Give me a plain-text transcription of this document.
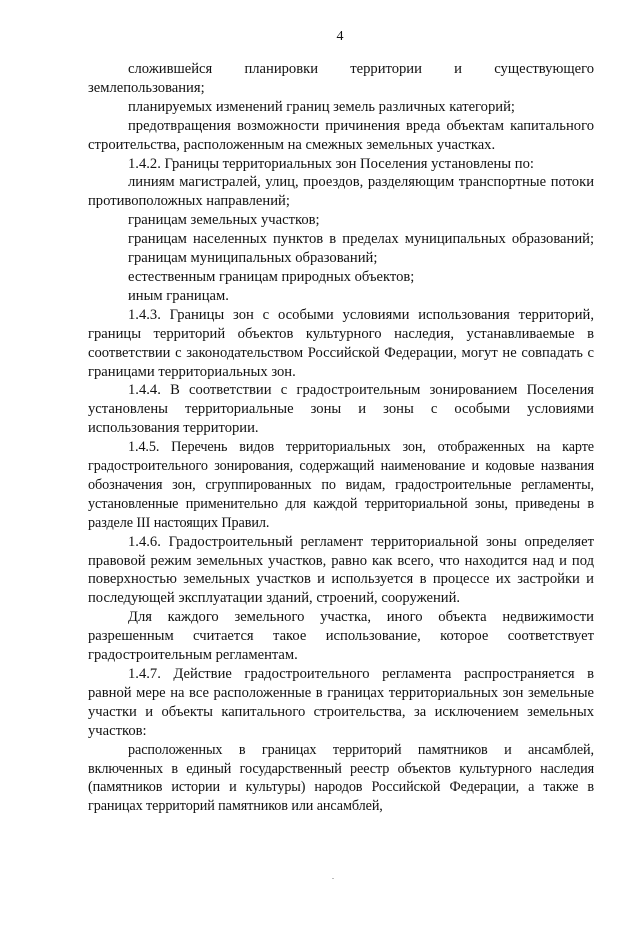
4

сложившейся планировки территории и существующего землепользования;

планируемых изменений границ земель различных категорий;

предотвращения возможности причинения вреда объектам капитального строительства, расположенным на смежных земельных участках.

1.4.2. Границы территориальных зон Поселения установлены по:

линиям магистралей, улиц, проездов, разделяющим транспортные потоки противоположных направлений;

границам земельных участков;

границам населенных пунктов в пределах муниципальных образований;

границам муниципальных образований;

естественным границам природных объектов;

иным границам.

1.4.3. Границы зон с особыми условиями использования территорий, границы территорий объектов культурного наследия, устанавливаемые в соответствии с законодательством Российской Федерации, могут не совпадать с границами территориальных зон.

1.4.4. В соответствии с градостроительным зонированием Поселения установлены территориальные зоны и зоны с особыми условиями использования территории.

1.4.5. Перечень видов территориальных зон, отображенных на карте градостроительного зонирования, содержащий наименование и кодовые названия обозначения зон, сгруппированных по видам, градостроительные регламенты, установленные применительно для каждой территориальной зоны, приведены в разделе III настоящих Правил.

1.4.6. Градостроительный регламент территориальной зоны определяет правовой режим земельных участков, равно как всего, что находится над и под поверхностью земельных участков и используется в процессе их застройки и последующей эксплуатации зданий, строений, сооружений.

Для каждого земельного участка, иного объекта недвижимости разрешенным считается такое использование, которое соответствует градостроительным регламентам.

1.4.7. Действие градостроительного регламента распространяется в равной мере на все расположенные в границах территориальных зон земельные участки и объекты капитального строительства, за исключением земельных участков:

расположенных в границах территорий памятников и ансамблей, включенных в единый государственный реестр объектов культурного наследия (памятников истории и культуры) народов Российской Федерации, а также в границах территорий памятников или ансамблей,
